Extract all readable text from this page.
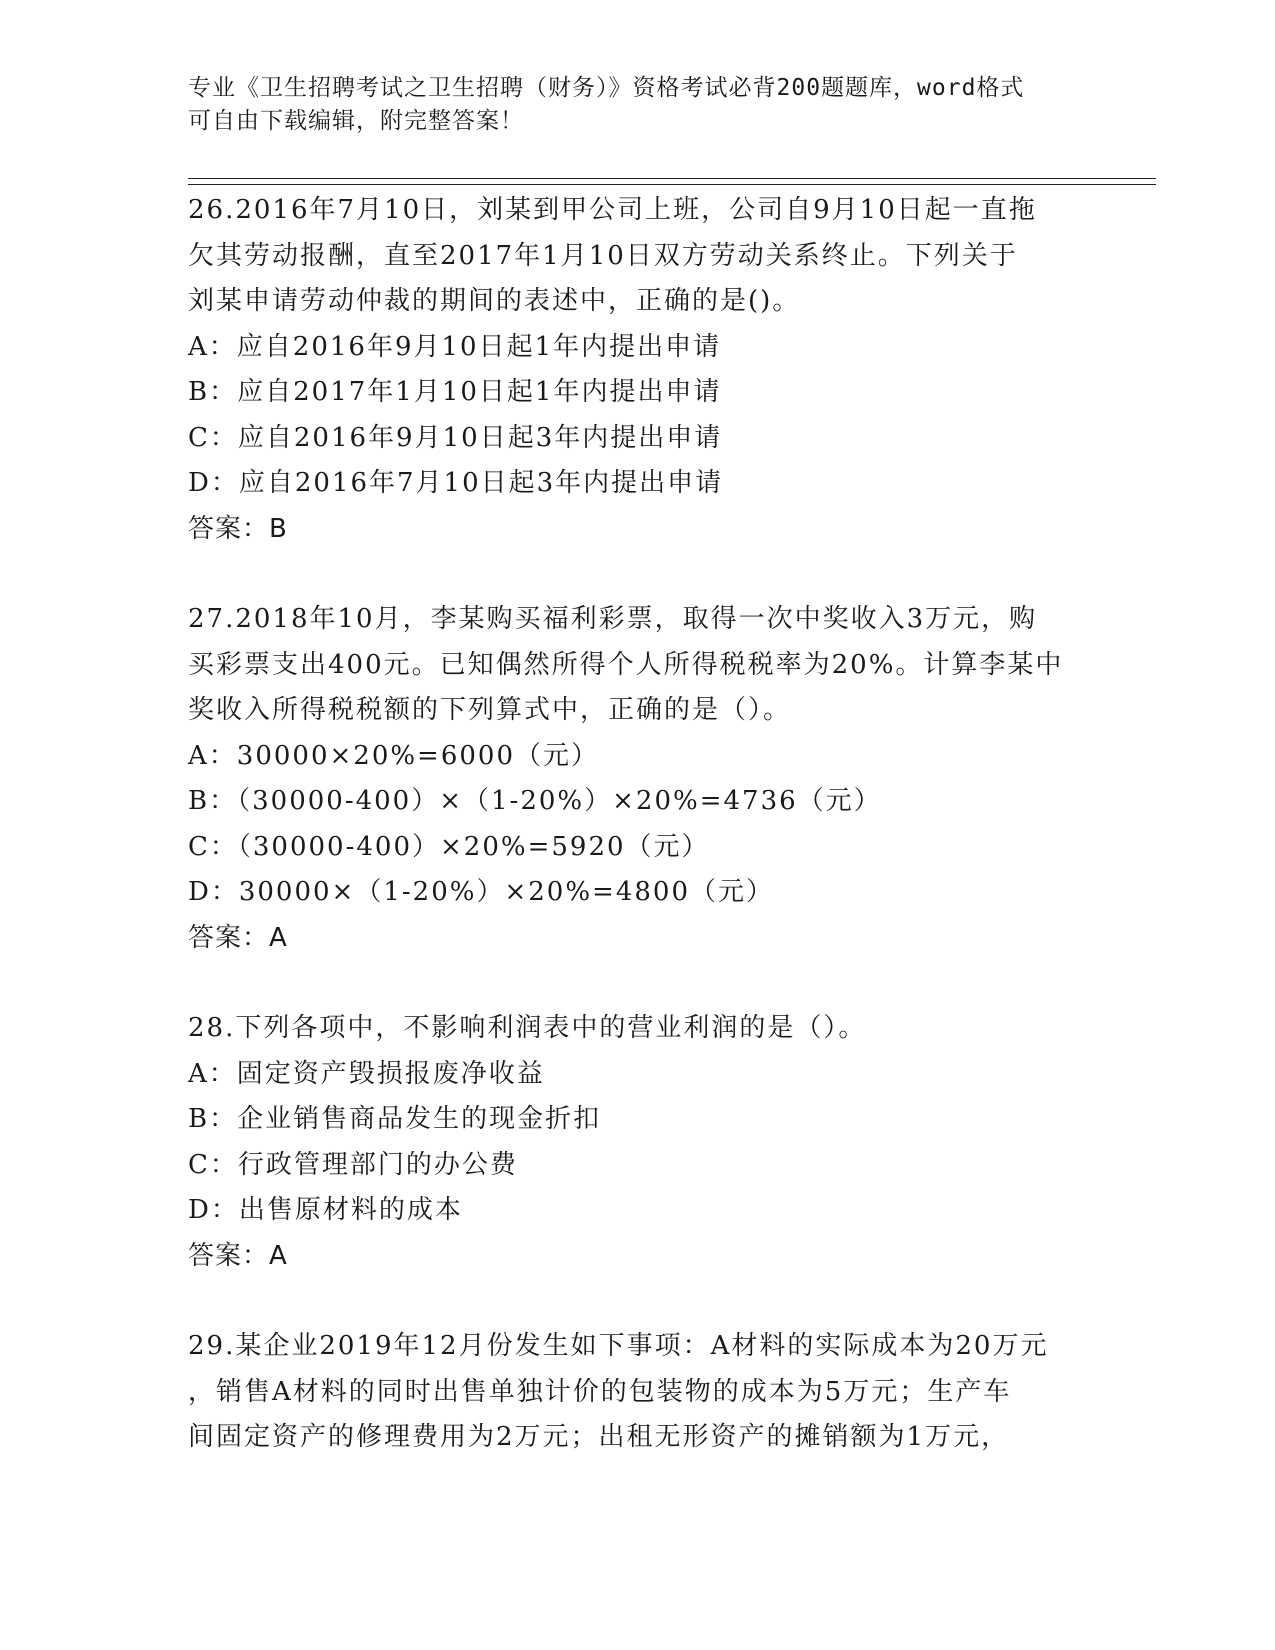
专业《卫生招聘考试之卫生招聘（财务）》资格考试必背200题题库，word格式
可自由下载编辑，附完整答案！
26.2016年7月10日，刘某到甲公司上班，公司自9月10日起一直拖
欠其劳动报酬，直至2017年1月10日双方劳动关系终止。下列关于
刘某申请劳动仲裁的期间的表述中，正确的是()。
A：应自2016年9月10日起1年内提出申请
B：应自2017年1月10日起1年内提出申请
C：应自2016年9月10日起3年内提出申请
D：应自2016年7月10日起3年内提出申请
答案：B
27.2018年10月，李某购买福利彩票，取得一次中奖收入3万元，购
买彩票支出400元。已知偶然所得个人所得税税率为20%。计算李某中
奖收入所得税税额的下列算式中，正确的是（）。
A：30000×20%=6000（元）
B：（30000-400）×（1-20%）×20%=4736（元）
C：（30000-400）×20%=5920（元）
D：30000×（1-20%）×20%=4800（元）
答案：A
28.下列各项中，不影响利润表中的营业利润的是（）。
A：固定资产毁损报废净收益
B：企业销售商品发生的现金折扣
C：行政管理部门的办公费
D：出售原材料的成本
答案：A
29.某企业2019年12月份发生如下事项：A材料的实际成本为20万元
，销售A材料的同时出售单独计价的包装物的成本为5万元；生产车
间固定资产的修理费用为2万元；出租无形资产的摊销额为1万元，
